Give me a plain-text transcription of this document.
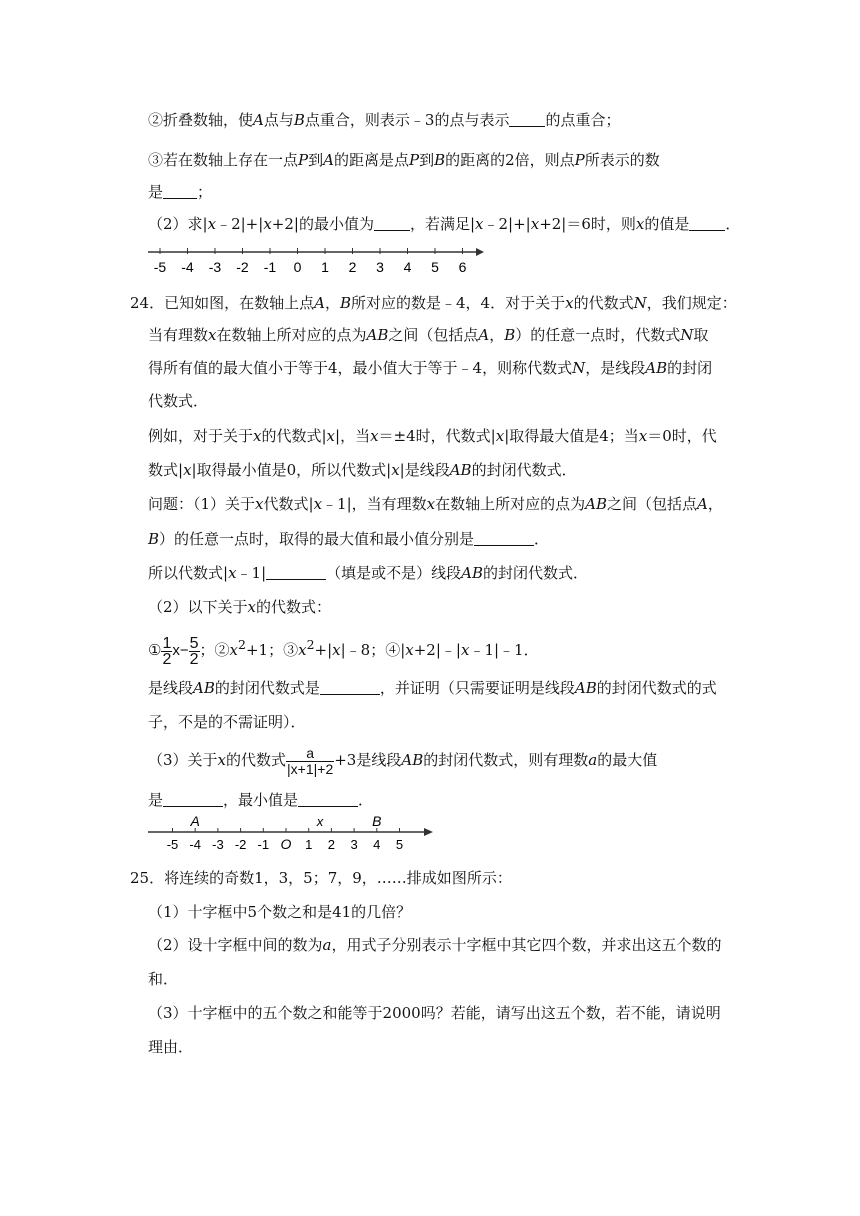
②折叠数轴，使A点与B点重合，则表示﹣3的点与表示 的点重合；
③若在数轴上存在一点P到A的距离是点P到B的距离的2倍，则点P所表示的数
是 ；
（2）求|x﹣2|+|x+2|的最小值为 ，若满足|x﹣2|+|x+2|＝6时，则x的值是 ．
-5 -4 -3 -2 -1 0 1 2 3 4 5 6
24．已知如图，在数轴上点A，B所对应的数是﹣4，4．对于关于x的代数式N，我们规定：
当有理数x在数轴上所对应的点为AB之间（包括点A，B）的任意一点时，代数式N取
得所有值的最大值小于等于4，最小值大于等于﹣4，则称代数式N，是线段AB的封闭
代数式．
例如，对于关于x的代数式|x|，当x＝±4时，代数式|x|取得最大值是4；当x＝0时，代
数式|x|取得最小值是0，所以代数式|x|是线段AB的封闭代数式．
问题：（1）关于x代数式|x﹣1|，当有理数x在数轴上所对应的点为AB之间（包括点A，
B）的任意一点时，取得的最大值和最小值分别是	．
所以代数式|x﹣1|	（填是或不是）线段AB的封闭代数式．
（2）以下关于x的代数式：
① $\frac{1}{2} x- \frac{5}{2}$ ；$②x^2+1$；$③x^2+|x|﹣8$；④|x+2|﹣|x﹣1|﹣1．
是线段AB的封闭代数式是	，并证明（只需要证明是线段AB的封闭代数式的式
子，不是的不需证明）．
（3）关于x的代数式 $\frac{a}{|x+1|+2} +3$是线段AB的封闭代数式，则有理数a的最大值
是	，最小值是	．
-5 -4 -3 -2 -1	1 2 3 4 5
O
A	B
x
25．将连续的奇数1，3，5；7，9，……排成如图所示：
（1）十字框中5个数之和是41的几倍？
（2）设十字框中间的数为a，用式子分别表示十字框中其它四个数，并求出这五个数的
和．
（3）十字框中的五个数之和能等于2000吗？若能，请写出这五个数，若不能，请说明
理由．
